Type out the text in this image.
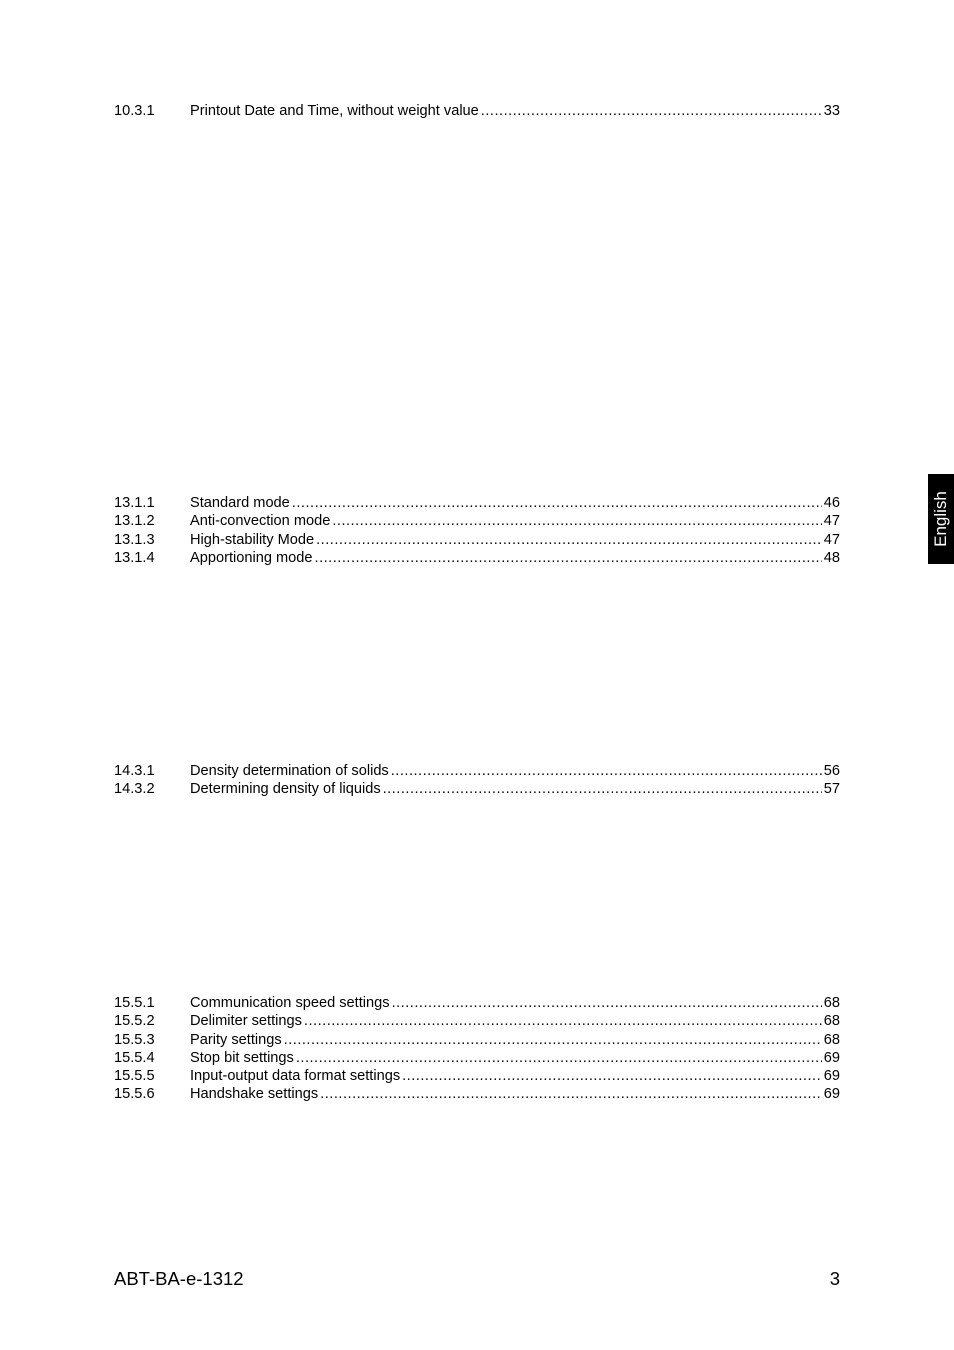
10.3.1	Printout Date and Time, without weight value .....	33
13.1.1	Standard mode .....	46
13.1.2	Anti-convection mode .....	47
13.1.3	High-stability Mode .....	47
13.1.4	Apportioning mode .....	48
14.3.1	Density determination of solids .....	56
14.3.2	Determining density of liquids .....	57
15.5.1	Communication speed settings .....	68
15.5.2	Delimiter settings .....	68
15.5.3	Parity settings .....	68
15.5.4	Stop bit settings .....	69
15.5.5	Input-output data format settings .....	69
15.5.6	Handshake settings .....	69
English
ABT-BA-e-1312	3
